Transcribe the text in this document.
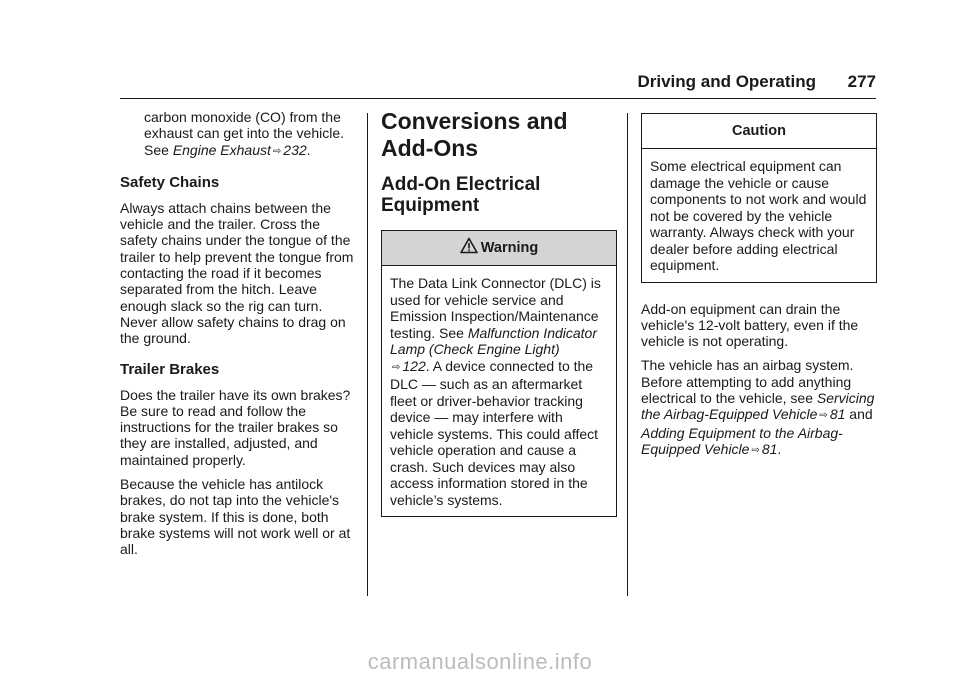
Driving and Operating	277

carbon monoxide (CO) from the exhaust can get into the vehicle. See Engine Exhaust ⇨ 232.

Safety Chains

Always attach chains between the vehicle and the trailer. Cross the safety chains under the tongue of the trailer to help prevent the tongue from contacting the road if it becomes separated from the hitch. Leave enough slack so the rig can turn. Never allow safety chains to drag on the ground.

Trailer Brakes

Does the trailer have its own brakes? Be sure to read and follow the instructions for the trailer brakes so they are installed, adjusted, and maintained properly.

Because the vehicle has antilock brakes, do not tap into the vehicle's brake system. If this is done, both brake systems will not work well or at all.

Conversions and Add-Ons
Add-On Electrical Equipment
Warning
The Data Link Connector (DLC) is used for vehicle service and Emission Inspection/Maintenance testing. See Malfunction Indicator Lamp (Check Engine Light)
⇨ 122. A device connected to the DLC — such as an aftermarket fleet or driver-behavior tracking device — may interfere with vehicle systems. This could affect vehicle operation and cause a crash. Such devices may also access information stored in the vehicle’s systems.
Caution
Some electrical equipment can damage the vehicle or cause components to not work and would not be covered by the vehicle warranty. Always check with your dealer before adding electrical equipment.

Add-on equipment can drain the vehicle's 12-volt battery, even if the vehicle is not operating.

The vehicle has an airbag system. Before attempting to add anything electrical to the vehicle, see Servicing the Airbag-Equipped Vehicle ⇨ 81 and Adding Equipment to the Airbag-Equipped Vehicle ⇨ 81.

carmanualsonline.info
